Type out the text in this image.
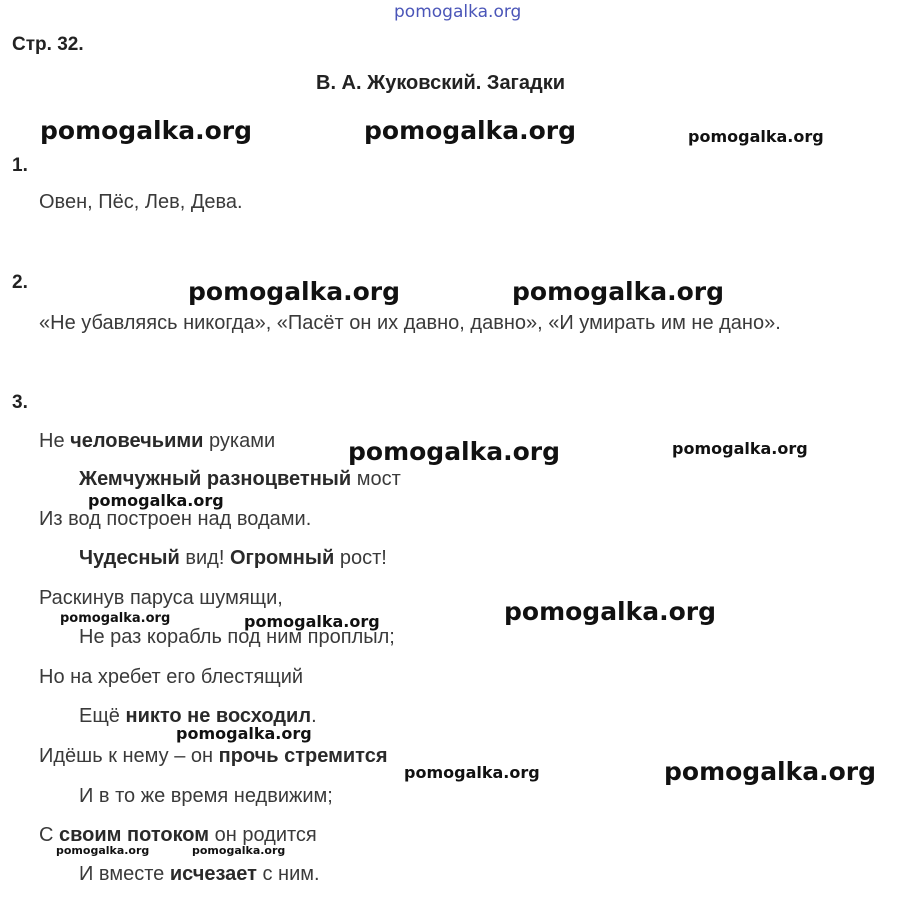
pomogalka.org
Стр. 32.
В. А. Жуковский. Загадки
1.
Овен, Пёс, Лев, Дева.
2.
«Не убавляясь никогда», «Пасёт он их давно, давно», «И умирать им не дано».
3.
Не человечьими руками
Жемчужный разноцветный мост
Из вод построен над водами.
Чудесный вид! Огромный рост!
Раскинув паруса шумящи,
Не раз корабль под ним проплыл;
Но на хребет его блестящий
Ещё никто не восходил.
Идёшь к нему – он прочь стремится
И в то же время недвижим;
С своим потоком он родится
И вместе исчезает с ним.
pomogalka.org	pomogalka.org	pomogalka.org
pomogalka.org	pomogalka.org
pomogalka.org	pomogalka.org
pomogalka.org
pomogalka.org	pomogalka.org	pomogalka.org
pomogalka.org
pomogalka.org	pomogalka.org
pomogalka.org	pomogalka.org
